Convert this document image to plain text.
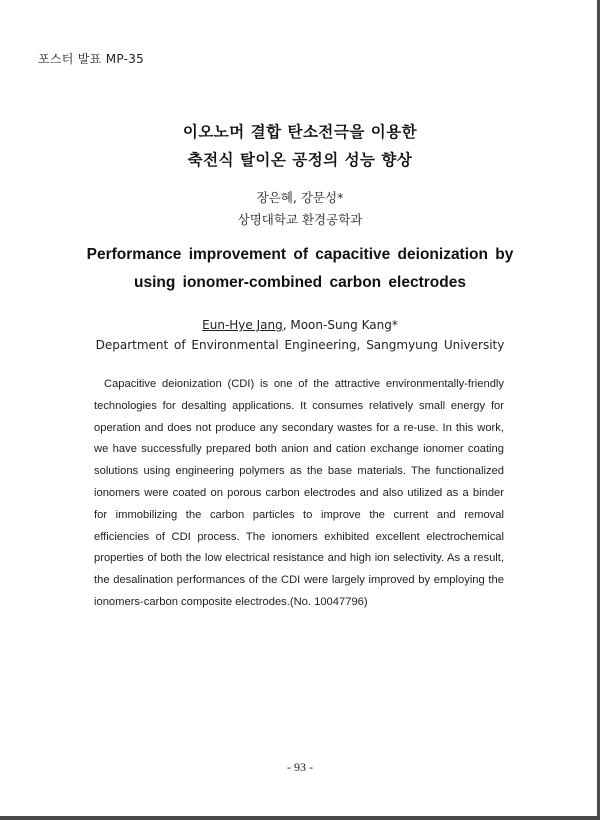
포스터 발표 MP-35
이오노머 결합 탄소전극을 이용한
축전식 탈이온 공정의 성능 향상
장은혜, 강문성*
상명대학교 환경공학과
Performance improvement of capacitive deionization by
using ionomer-combined carbon electrodes
Eun-Hye Jang, Moon-Sung Kang*
Department of Environmental Engineering, Sangmyung University
Capacitive deionization (CDI) is one of the attractive environmentally-friendly technologies for desalting applications. It consumes relatively small energy for operation and does not produce any secondary wastes for a re-use. In this work, we have successfully prepared both anion and cation exchange ionomer coating solutions using engineering polymers as the base materials. The functionalized ionomers were coated on porous carbon electrodes and also utilized as a binder for immobilizing the carbon particles to improve the current and removal efficiencies of CDI process. The ionomers exhibited excellent electrochemical properties of both the low electrical resistance and high ion selectivity. As a result, the desalination performances of the CDI were largely improved by employing the ionomers-carbon composite electrodes.(No. 10047796)
- 93 -
